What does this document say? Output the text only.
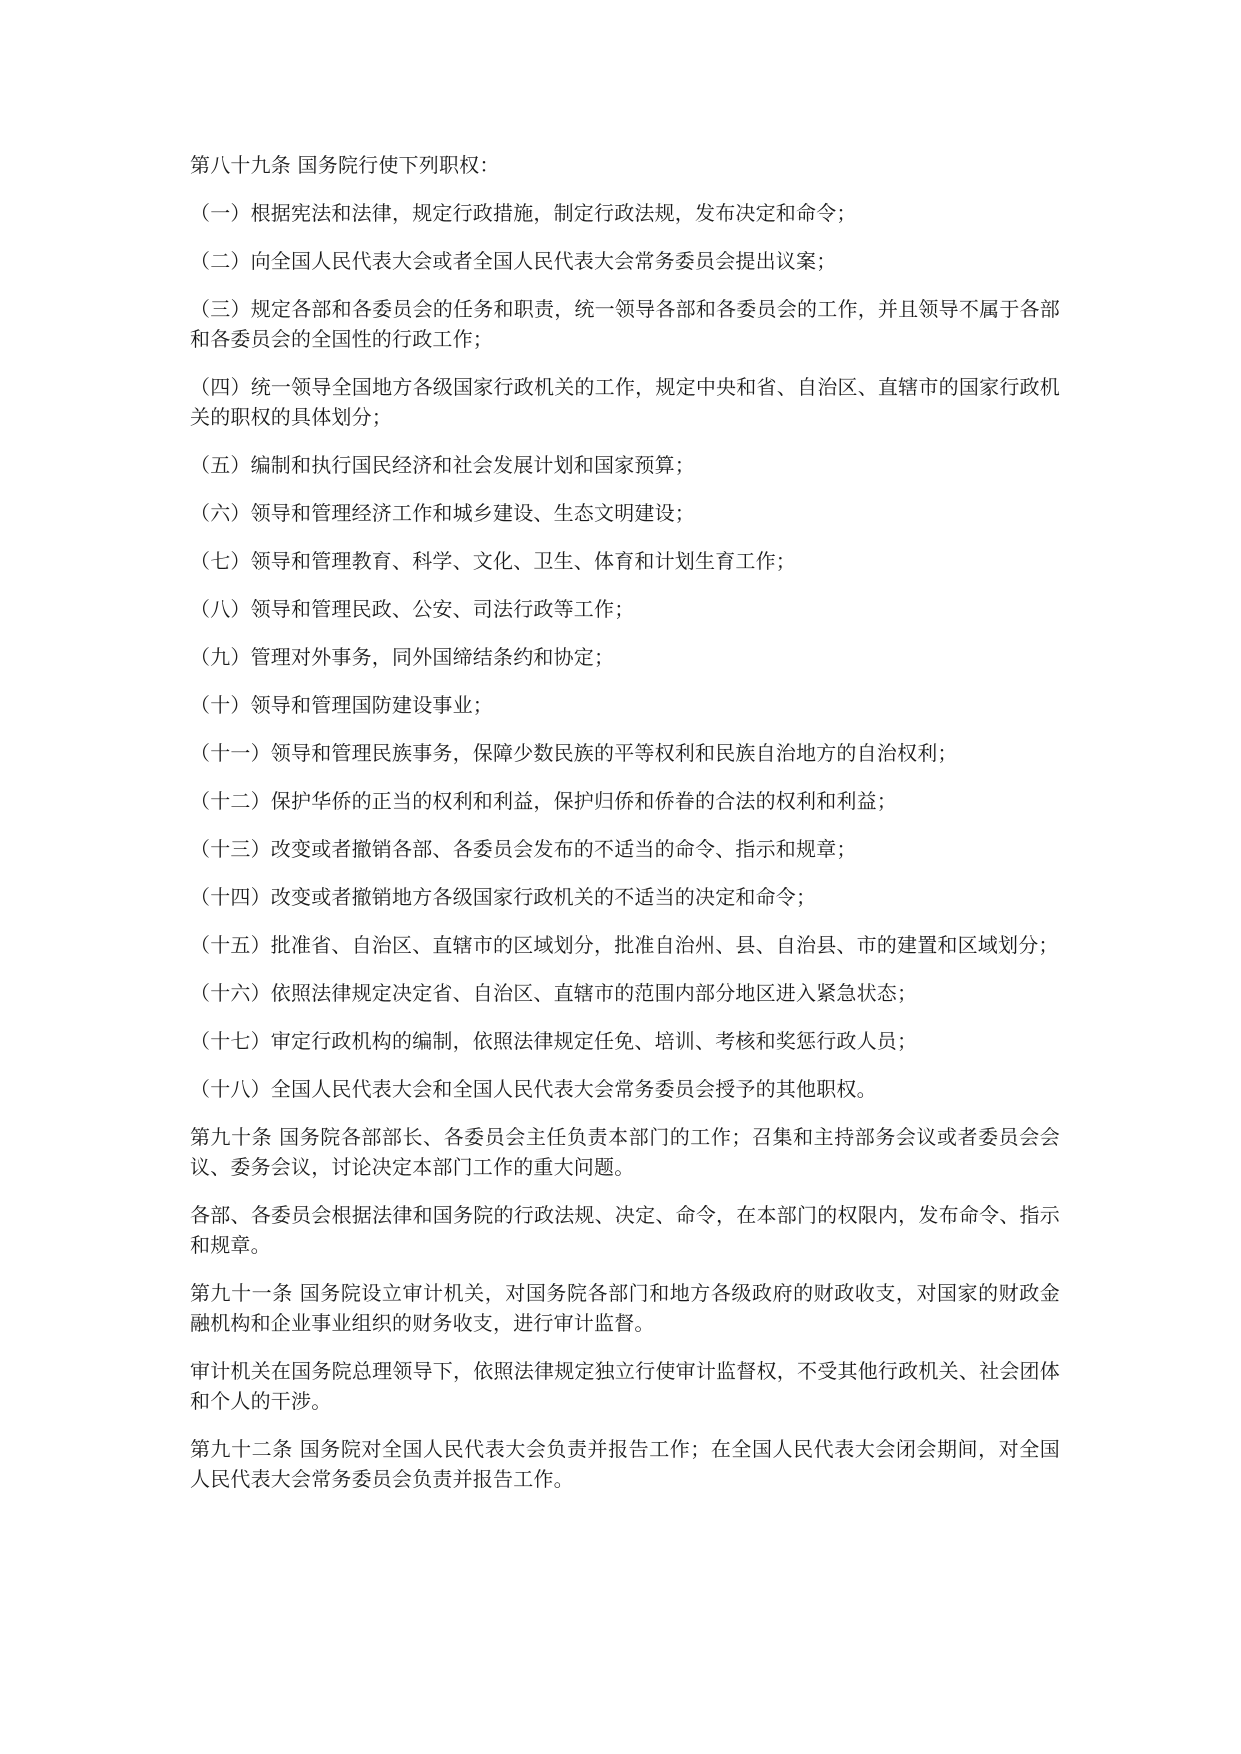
第八十九条 国务院行使下列职权：

（一）根据宪法和法律，规定行政措施，制定行政法规，发布决定和命令；

（二）向全国人民代表大会或者全国人民代表大会常务委员会提出议案；

（三）规定各部和各委员会的任务和职责，统一领导各部和各委员会的工作，并且领导不属于各部和各委员会的全国性的行政工作；

（四）统一领导全国地方各级国家行政机关的工作，规定中央和省、自治区、直辖市的国家行政机关的职权的具体划分；

（五）编制和执行国民经济和社会发展计划和国家预算；

（六）领导和管理经济工作和城乡建设、生态文明建设；

（七）领导和管理教育、科学、文化、卫生、体育和计划生育工作；

（八）领导和管理民政、公安、司法行政等工作；

（九）管理对外事务，同外国缔结条约和协定；

（十）领导和管理国防建设事业；

（十一）领导和管理民族事务，保障少数民族的平等权利和民族自治地方的自治权利；

（十二）保护华侨的正当的权利和利益，保护归侨和侨眷的合法的权利和利益；

（十三）改变或者撤销各部、各委员会发布的不适当的命令、指示和规章；

（十四）改变或者撤销地方各级国家行政机关的不适当的决定和命令；

（十五）批准省、自治区、直辖市的区域划分，批准自治州、县、自治县、市的建置和区域划分；

（十六）依照法律规定决定省、自治区、直辖市的范围内部分地区进入紧急状态；

（十七）审定行政机构的编制，依照法律规定任免、培训、考核和奖惩行政人员；

（十八）全国人民代表大会和全国人民代表大会常务委员会授予的其他职权。

第九十条 国务院各部部长、各委员会主任负责本部门的工作；召集和主持部务会议或者委员会会议、委务会议，讨论决定本部门工作的重大问题。

各部、各委员会根据法律和国务院的行政法规、决定、命令，在本部门的权限内，发布命令、指示和规章。

第九十一条 国务院设立审计机关，对国务院各部门和地方各级政府的财政收支，对国家的财政金融机构和企业事业组织的财务收支，进行审计监督。

审计机关在国务院总理领导下，依照法律规定独立行使审计监督权，不受其他行政机关、社会团体和个人的干涉。

第九十二条 国务院对全国人民代表大会负责并报告工作；在全国人民代表大会闭会期间，对全国人民代表大会常务委员会负责并报告工作。
